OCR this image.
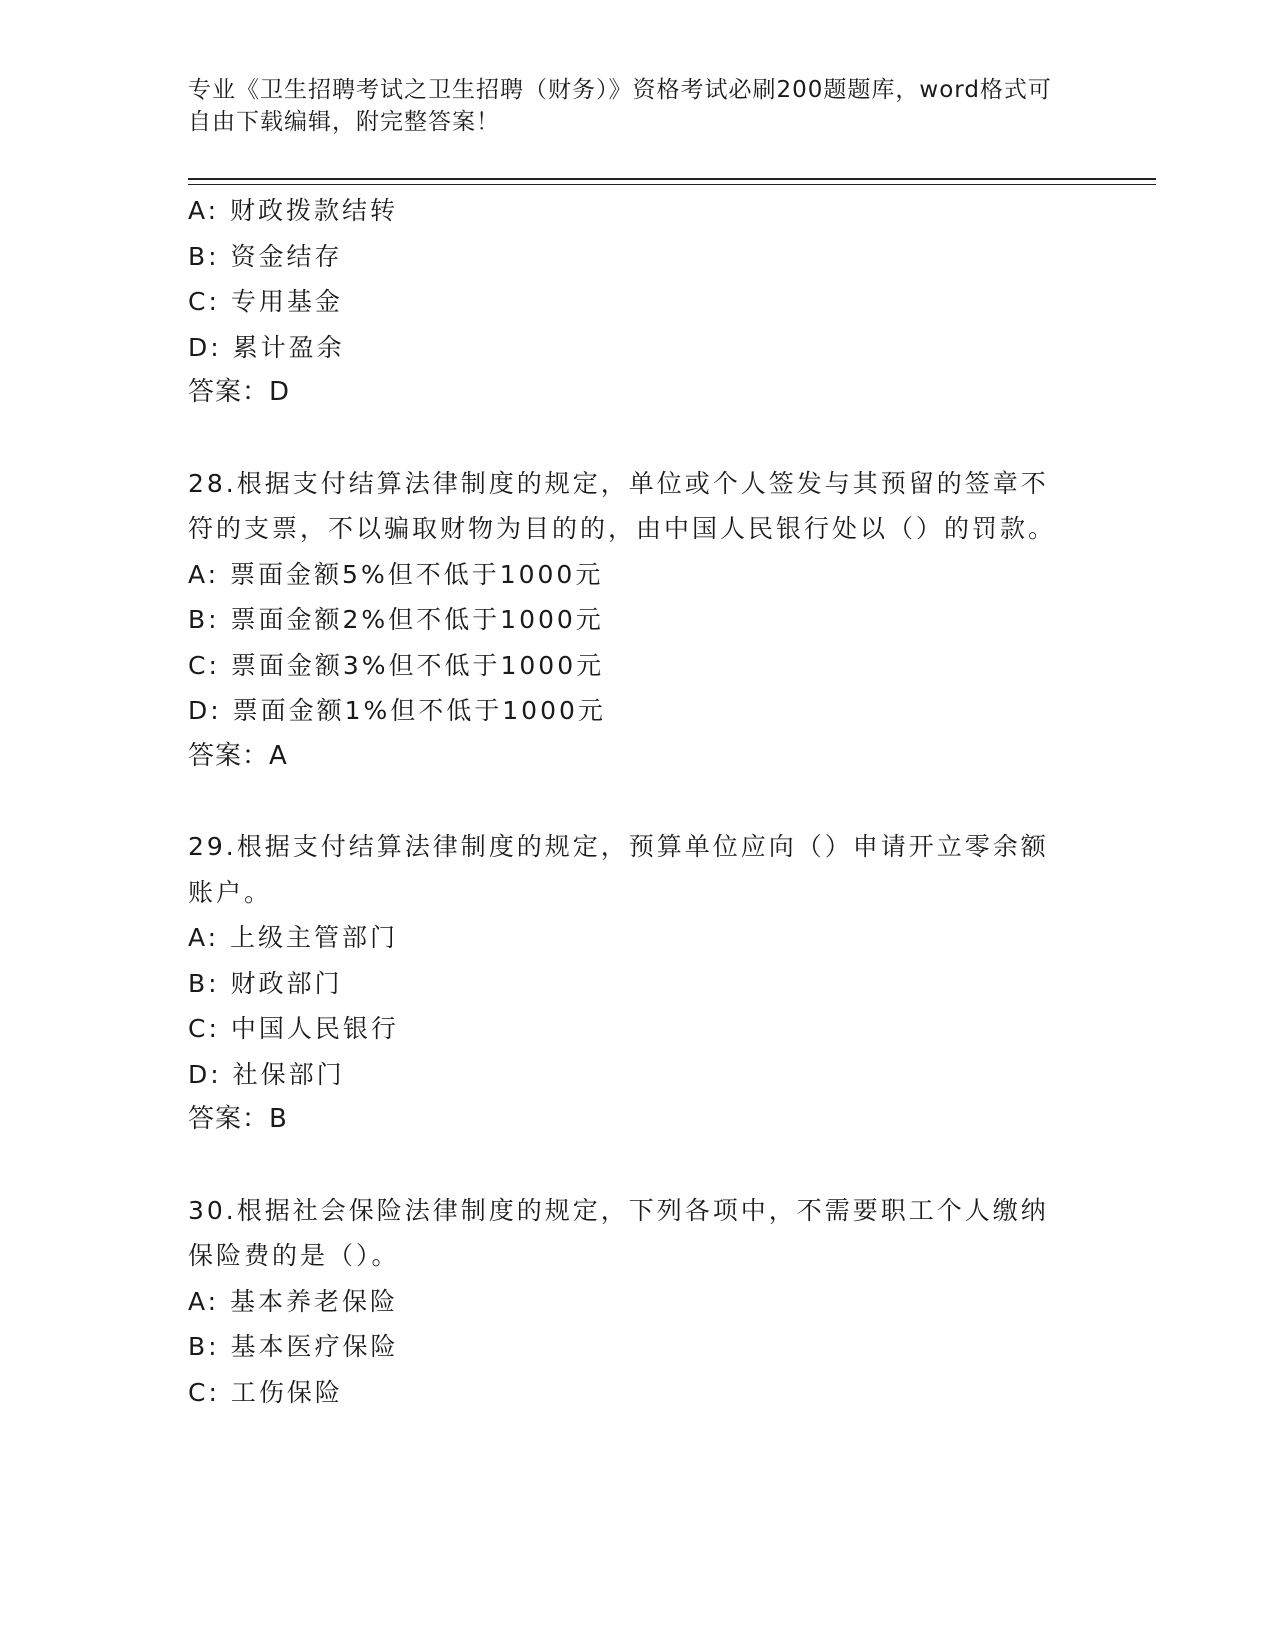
专业《卫生招聘考试之卫生招聘（财务）》资格考试必刷200题题库，word格式可自由下载编辑，附完整答案！
A: 财政拨款结转
B: 资金结存
C: 专用基金
D: 累计盈余
答案：D
28.根据支付结算法律制度的规定，单位或个人签发与其预留的签章不符的支票，不以骗取财物为目的的，由中国人民银行处以（）的罚款。
A: 票面金额5%但不低于1000元
B: 票面金额2%但不低于1000元
C: 票面金额3%但不低于1000元
D: 票面金额1%但不低于1000元
答案：A
29.根据支付结算法律制度的规定，预算单位应向（）申请开立零余额账户。
A: 上级主管部门
B: 财政部门
C: 中国人民银行
D: 社保部门
答案：B
30.根据社会保险法律制度的规定，下列各项中，不需要职工个人缴纳保险费的是（）。
A: 基本养老保险
B: 基本医疗保险
C: 工伤保险
